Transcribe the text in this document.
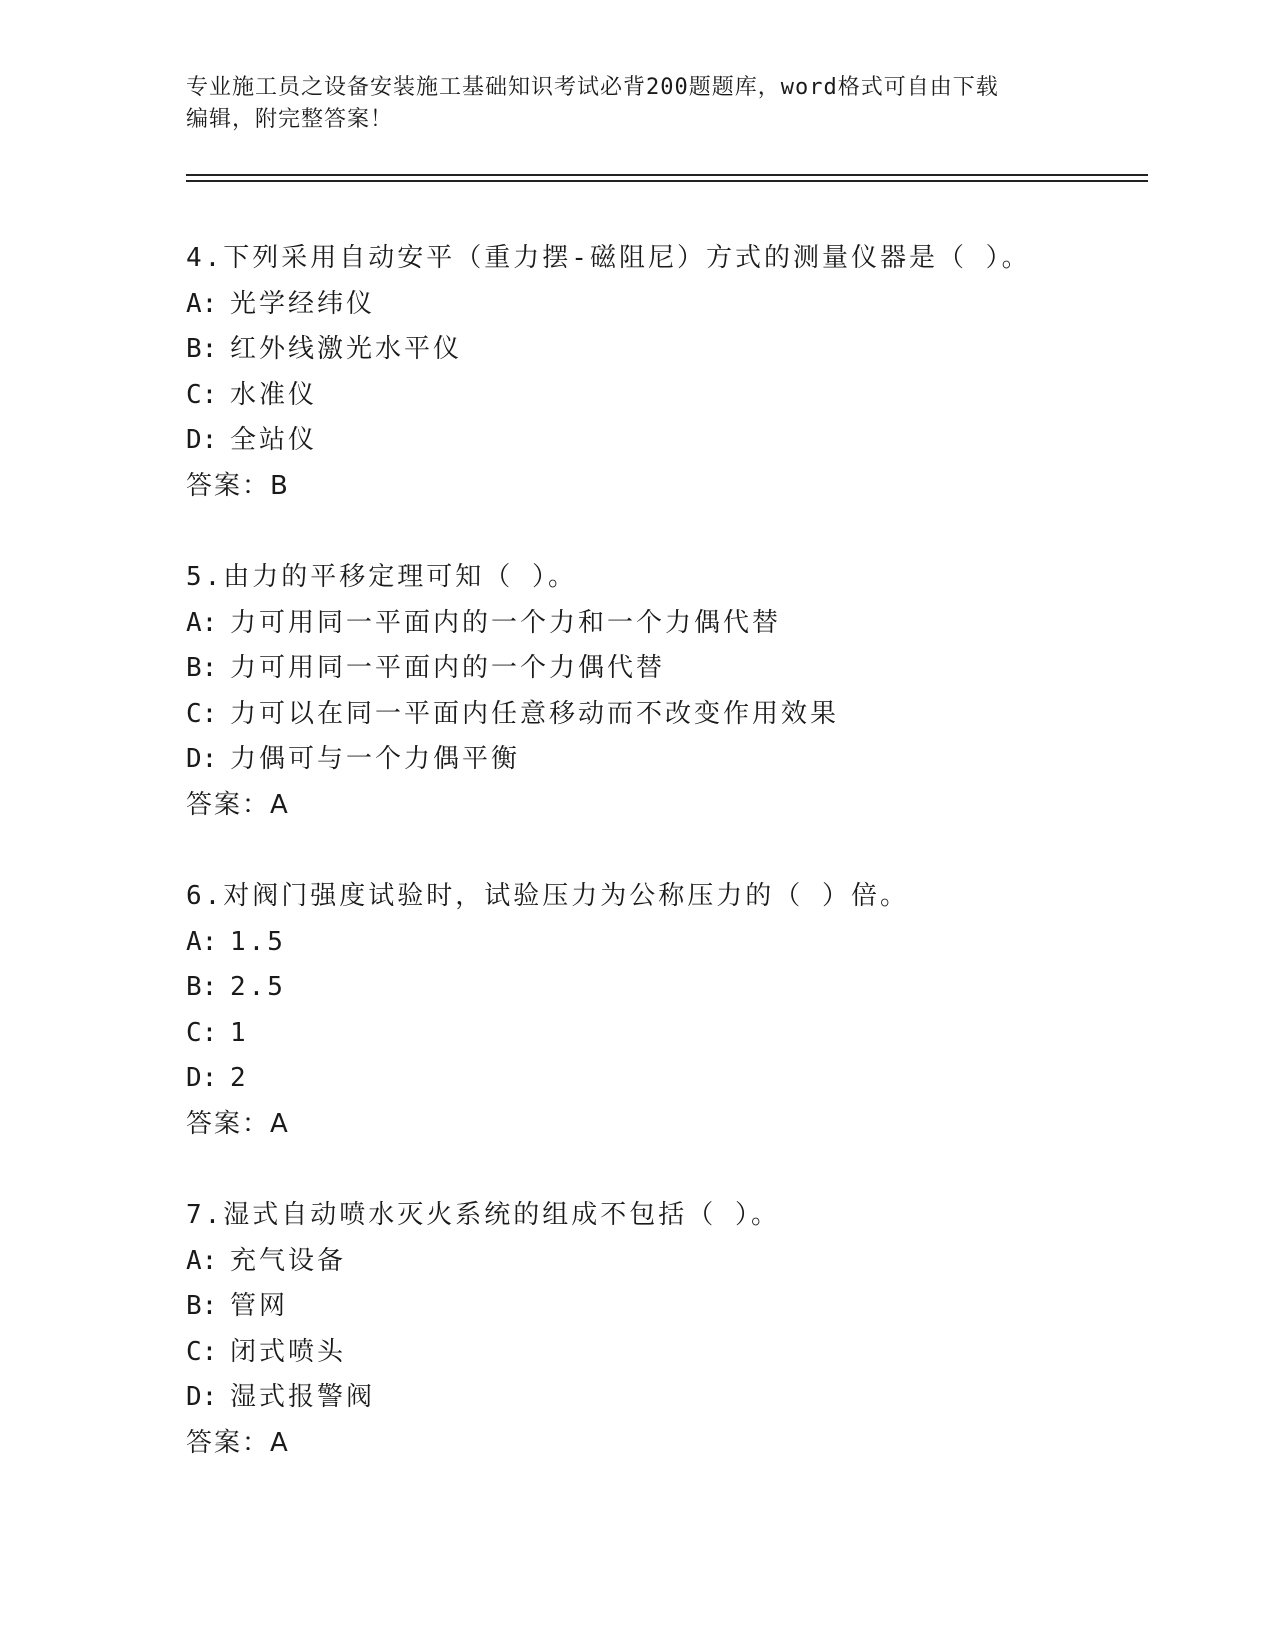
专业施工员之设备安装施工基础知识考试必背200题题库，word格式可自由下载
编辑，附完整答案！
4.下列采用自动安平（重力摆-磁阻尼）方式的测量仪器是（ ）。
A: 光学经纬仪
B: 红外线激光水平仪
C: 水准仪
D: 全站仪
答案：B
5.由力的平移定理可知（ ）。
A: 力可用同一平面内的一个力和一个力偶代替
B: 力可用同一平面内的一个力偶代替
C: 力可以在同一平面内任意移动而不改变作用效果
D: 力偶可与一个力偶平衡
答案：A
6.对阀门强度试验时，试验压力为公称压力的（ ）倍。
A: 1.5
B: 2.5
C: 1
D: 2
答案：A
7.湿式自动喷水灭火系统的组成不包括（ ）。
A: 充气设备
B: 管网
C: 闭式喷头
D: 湿式报警阀
答案：A
